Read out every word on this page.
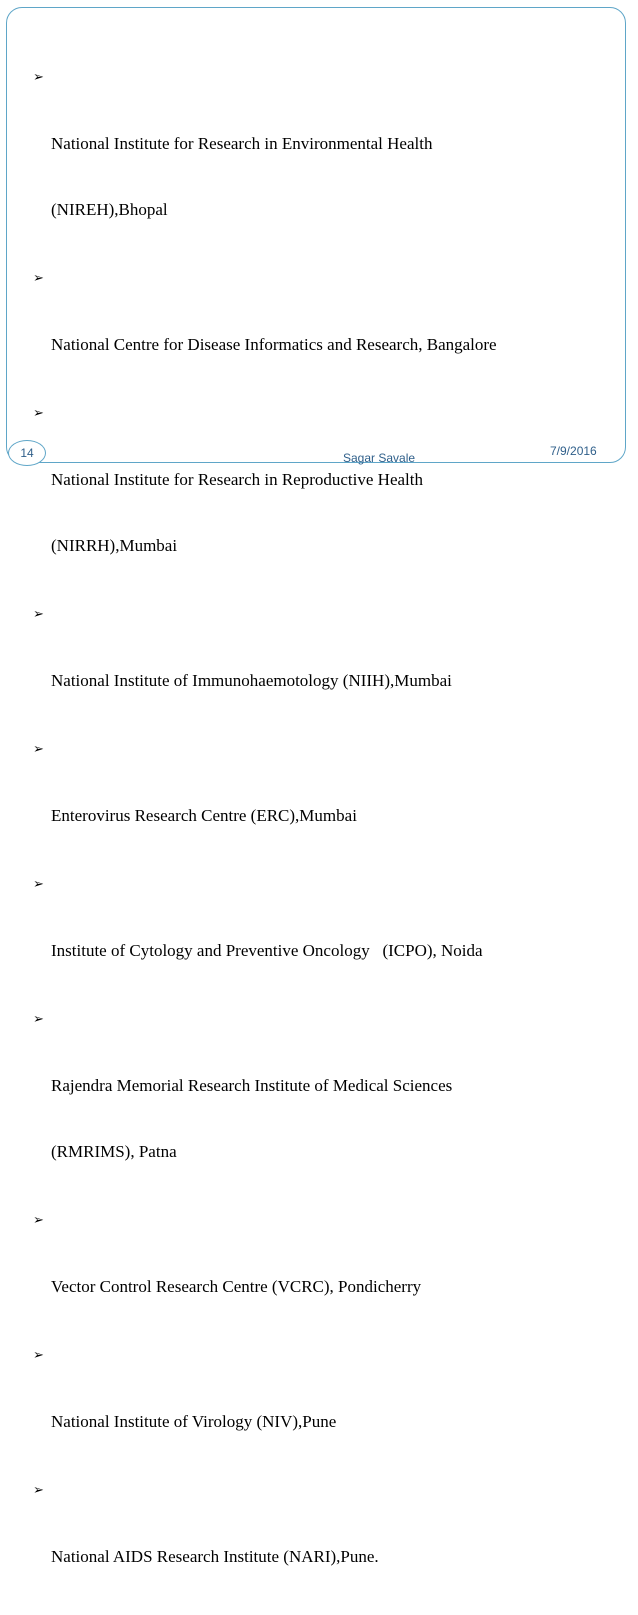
➢

National Institute for Research in Environmental Health

(NIREH),Bhopal

➢

National Centre for Disease Informatics and Research, Bangalore

➢

National Institute for Research in Reproductive Health

(NIRRH),Mumbai

➢

National Institute of Immunohaemotology (NIIH),Mumbai

➢

Enterovirus Research Centre (ERC),Mumbai

➢

Institute of Cytology and Preventive Oncology   (ICPO), Noida

➢

Rajendra Memorial Research Institute of Medical Sciences

(RMRIMS), Patna

➢

Vector Control Research Centre (VCRC), Pondicherry

➢

National Institute of Virology (NIV),Pune

➢

National AIDS Research Institute (NARI),Pune.

14	Sagar Savale	7/9/2016
